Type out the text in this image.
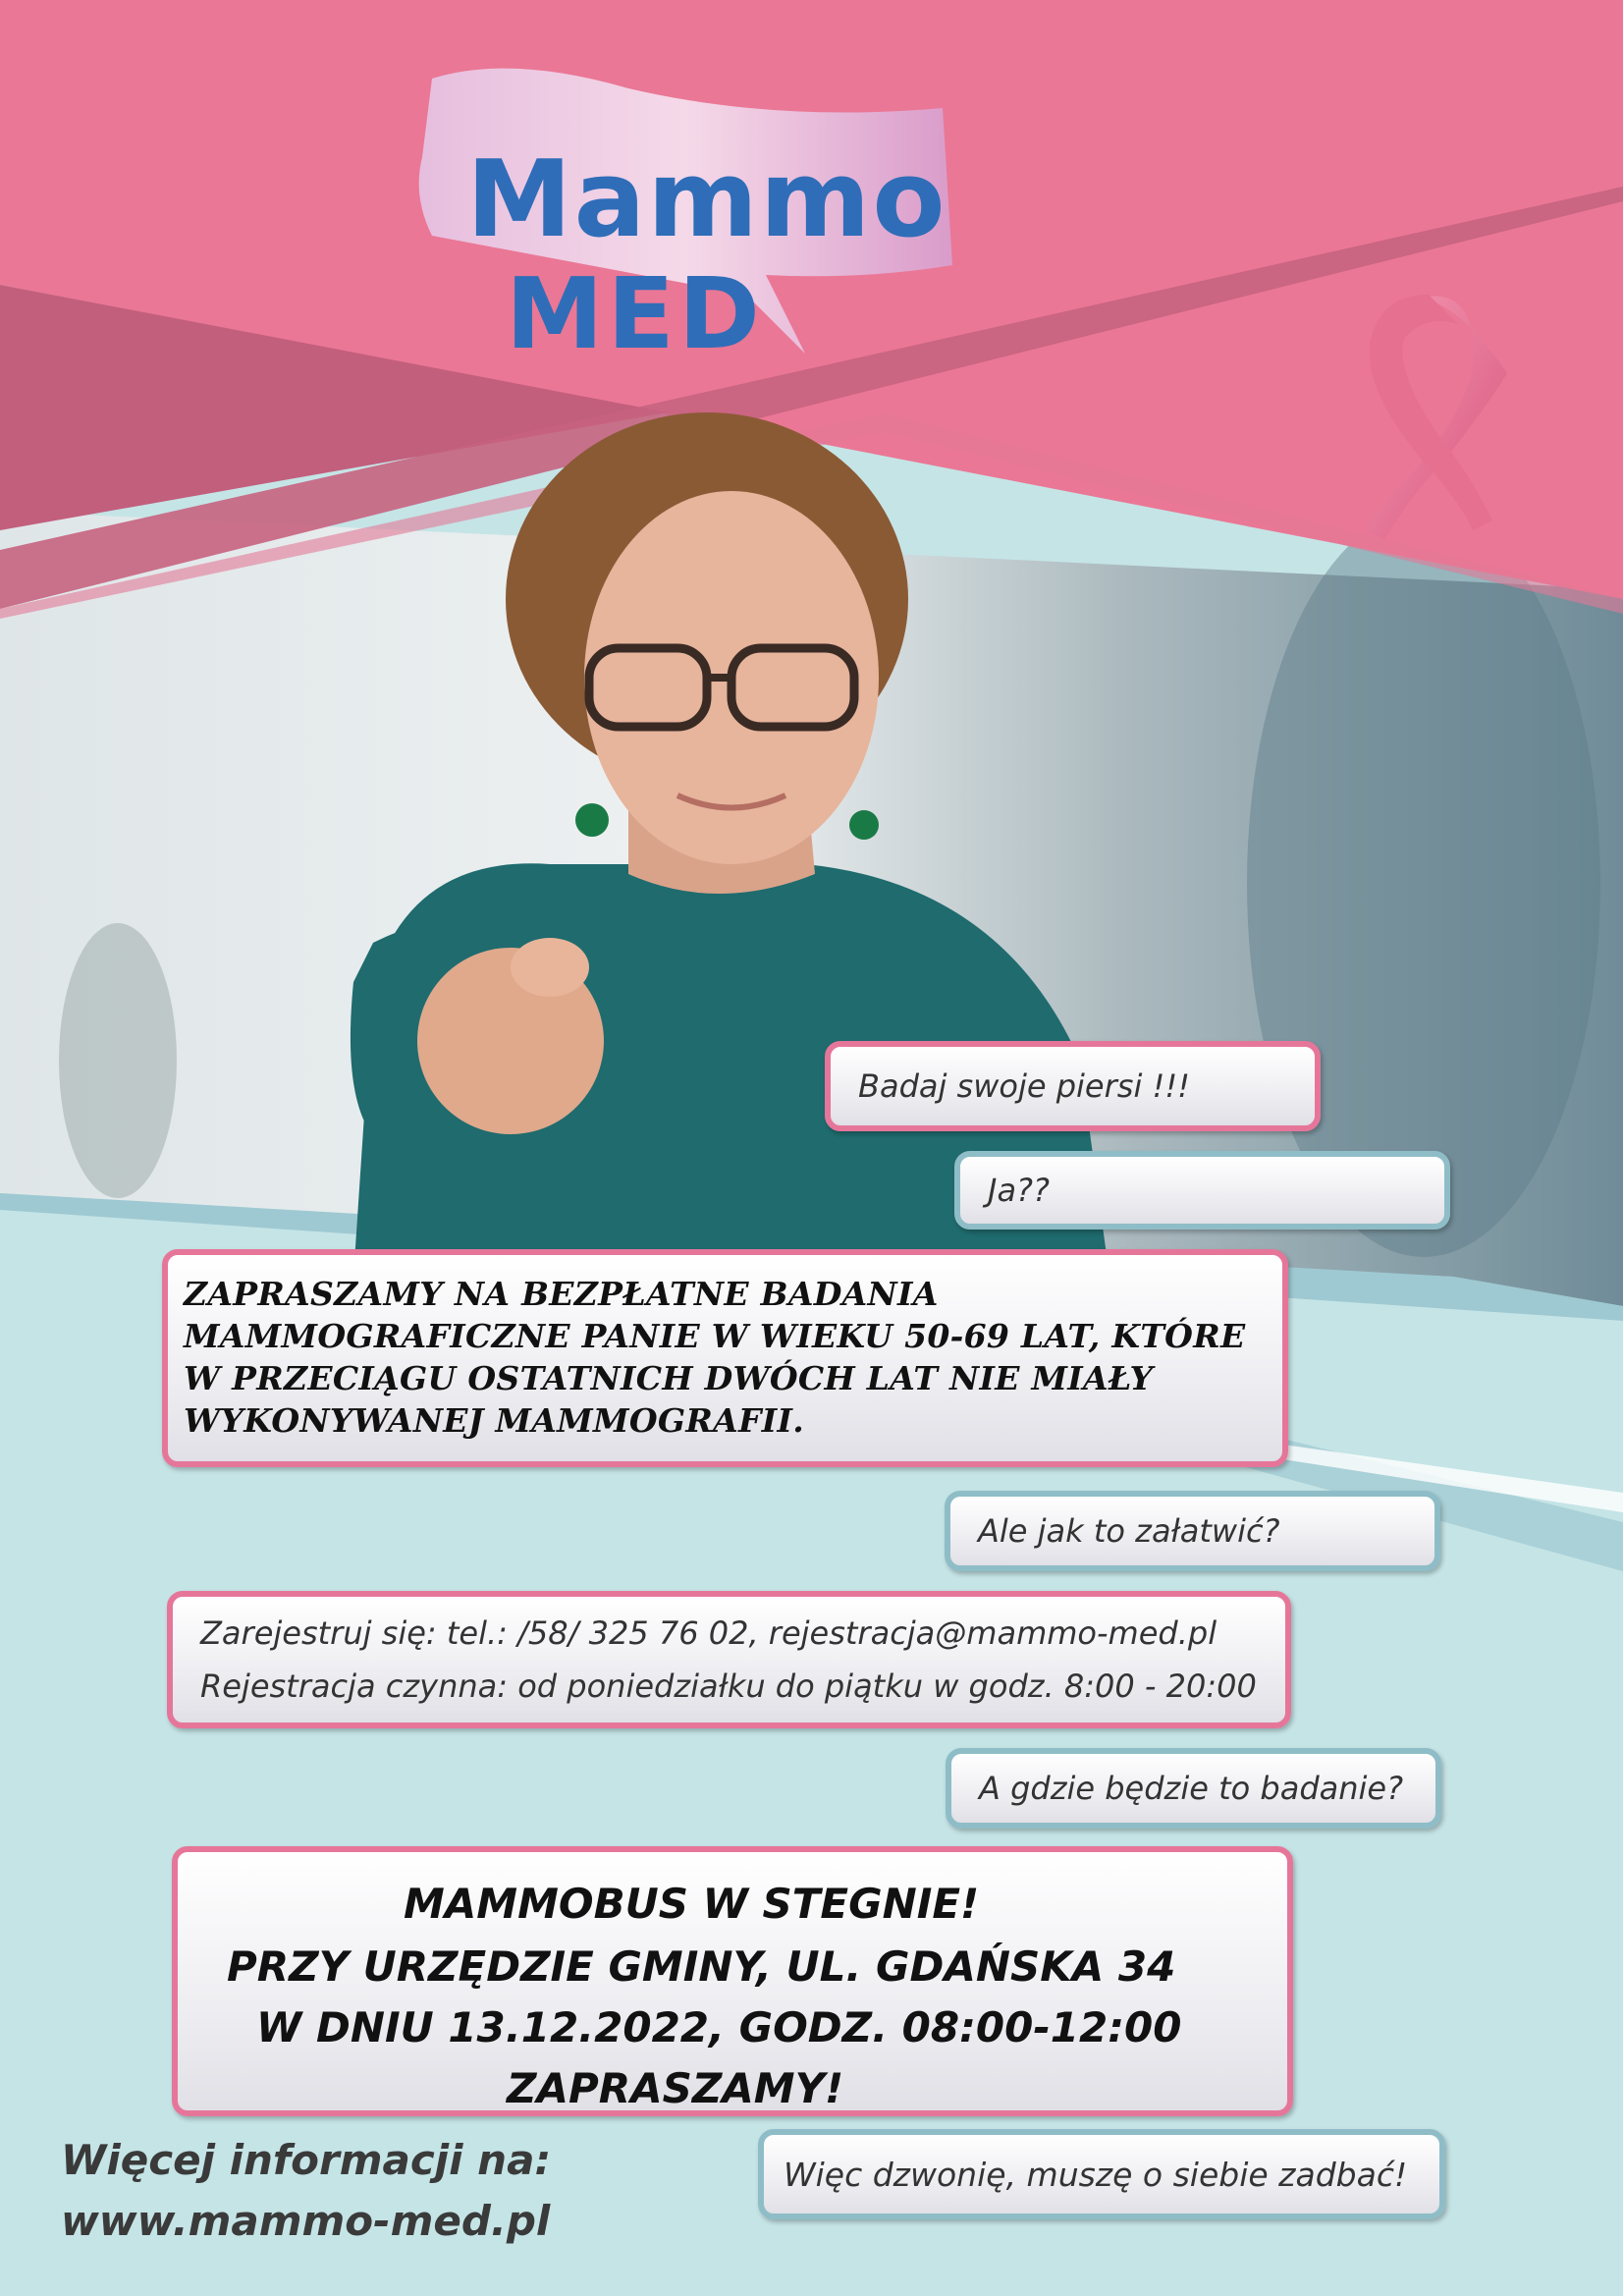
Mammo
MED
Badaj swoje piersi !!!
Ja??
ZAPRASZAMY NA BEZPŁATNE BADANIA
MAMMOGRAFICZNE PANIE W WIEKU 50-69 LAT, KTÓRE
W PRZECIĄGU OSTATNICH DWÓCH LAT NIE MIAŁY
WYKONYWANEJ MAMMOGRAFII.
Ale jak to załatwić?
Zarejestruj się: tel.: /58/ 325 76 02, rejestracja@mammo-med.pl
Rejestracja czynna: od poniedziałku do piątku w godz. 8:00 - 20:00
A gdzie będzie to badanie?
MAMMOBUS W STEGNIE!
PRZY URZĘDZIE GMINY, UL. GDAŃSKA 34
W DNIU 13.12.2022, GODZ. 08:00-12:00
ZAPRASZAMY!
Więc dzwonię, muszę o siebie zadbać!
Więcej informacji na:
www.mammo-med.pl
